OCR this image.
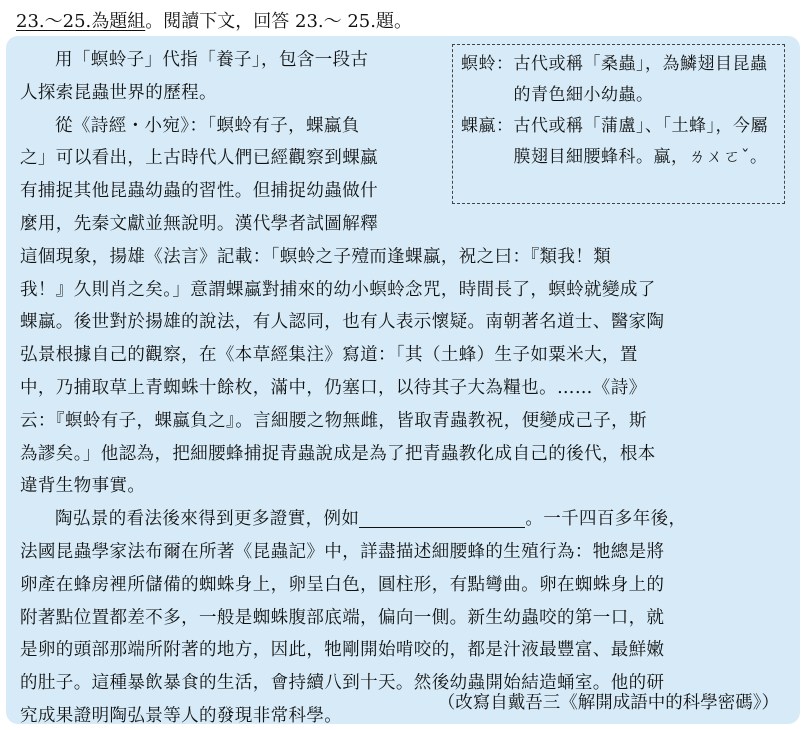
23.～25.為題組。閱讀下文，回答 23.～ 25.題。

用「螟蛉子」代指「養子」，包含一段古
人探索昆蟲世界的歷程。

從《詩經・小宛》：「螟蛉有子，蜾蠃負
之」可以看出，上古時代人們已經觀察到蜾蠃
有捕捉其他昆蟲幼蟲的習性。但捕捉幼蟲做什
麼用，先秦文獻並無說明。漢代學者試圖解釋
這個現象，揚雄《法言》記載：「螟蛉之子殪而逢蜾蠃，祝之曰：『類我！類
我！』久則肖之矣。」意謂蜾蠃對捕來的幼小螟蛉念咒，時間長了，螟蛉就變成了
蜾蠃。後世對於揚雄的說法，有人認同，也有人表示懷疑。南朝著名道士、醫家陶
弘景根據自己的觀察，在《本草經集注》寫道：「其（土蜂）生子如粟米大，置
中，乃捕取草上青蜘蛛十餘枚，滿中，仍塞口，以待其子大為糧也。……《詩》
云：『螟蛉有子，蜾蠃負之』。言細腰之物無雌，皆取青蟲教祝，便變成己子，斯
為謬矣。」他認為，把細腰蜂捕捉青蟲說成是為了把青蟲教化成自己的後代，根本
違背生物事實。

陶弘景的看法後來得到更多證實，例如	。一千四百多年後，
法國昆蟲學家法布爾在所著《昆蟲記》中，詳盡描述細腰蜂的生殖行為：牠總是將
卵產在蜂房裡所儲備的蜘蛛身上，卵呈白色，圓柱形，有點彎曲。卵在蜘蛛身上的
附著點位置都差不多，一般是蜘蛛腹部底端，偏向一側。新生幼蟲咬的第一口，就
是卵的頭部那端所附著的地方，因此，牠剛開始啃咬的，都是汁液最豐富、最鮮嫩
的肚子。這種暴飲暴食的生活，會持續八到十天。然後幼蟲開始結造蛹室。他的研
究成果證明陶弘景等人的發現非常科學。

螟蛉： 古代或稱「桑蟲」，為鱗翅目昆蟲的青色細小幼蟲。
蜾蠃： 古代或稱「蒲盧」、「土蜂」，今屬膜翅目細腰蜂科。蠃，ㄌㄨㄛˇ。
（改寫自戴吾三《解開成語中的科學密碼》）
